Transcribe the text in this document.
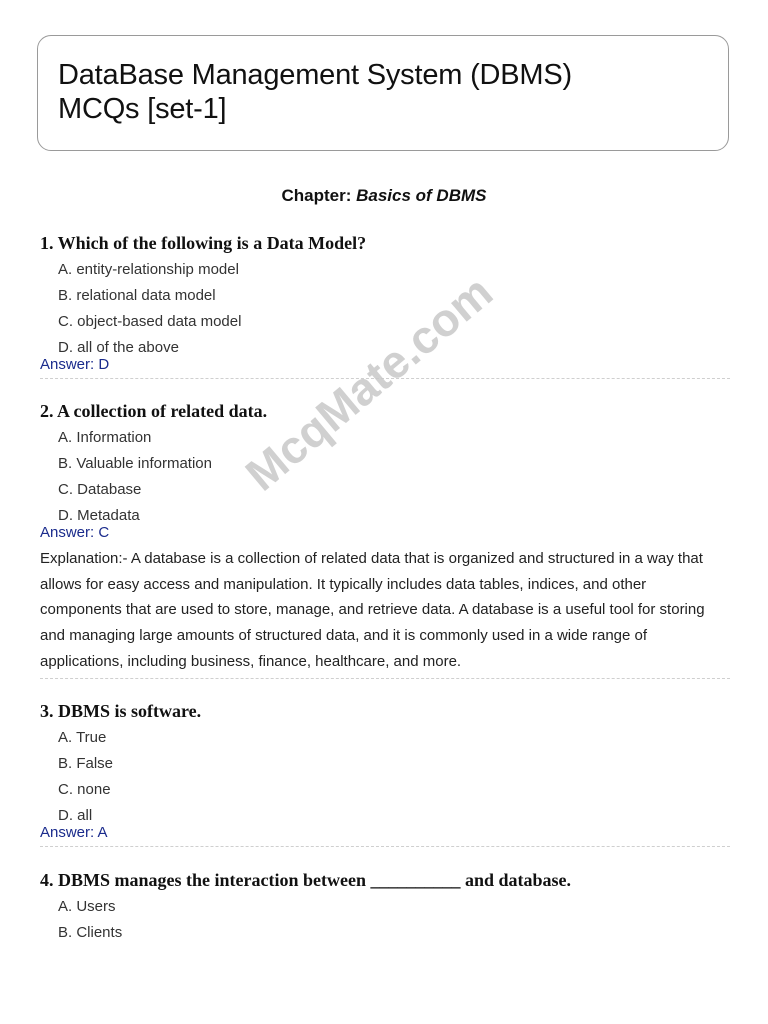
DataBase Management System (DBMS)

MCQs [set-1]

Chapter: Basics of DBMS

1. Which of the following is a Data Model?

A. entity-relationship model
B. relational data model
C. object-based data model
D. all of the above
Answer: D

2. A collection of related data.

A. Information
B. Valuable information
C. Database
D. Metadata
Answer: C
Explanation:- A database is a collection of related data that is organized and structured in a way that allows for easy access and manipulation. It typically includes data tables, indices, and other components that are used to store, manage, and retrieve data. A database is a useful tool for storing and managing large amounts of structured data, and it is commonly used in a wide range of applications, including business, finance, healthcare, and more.

3. DBMS is software.

A. True
B. False
C. none
D. all
Answer: A

4. DBMS manages the interaction between __________ and database.

A. Users
B. Clients
McqMate.com
